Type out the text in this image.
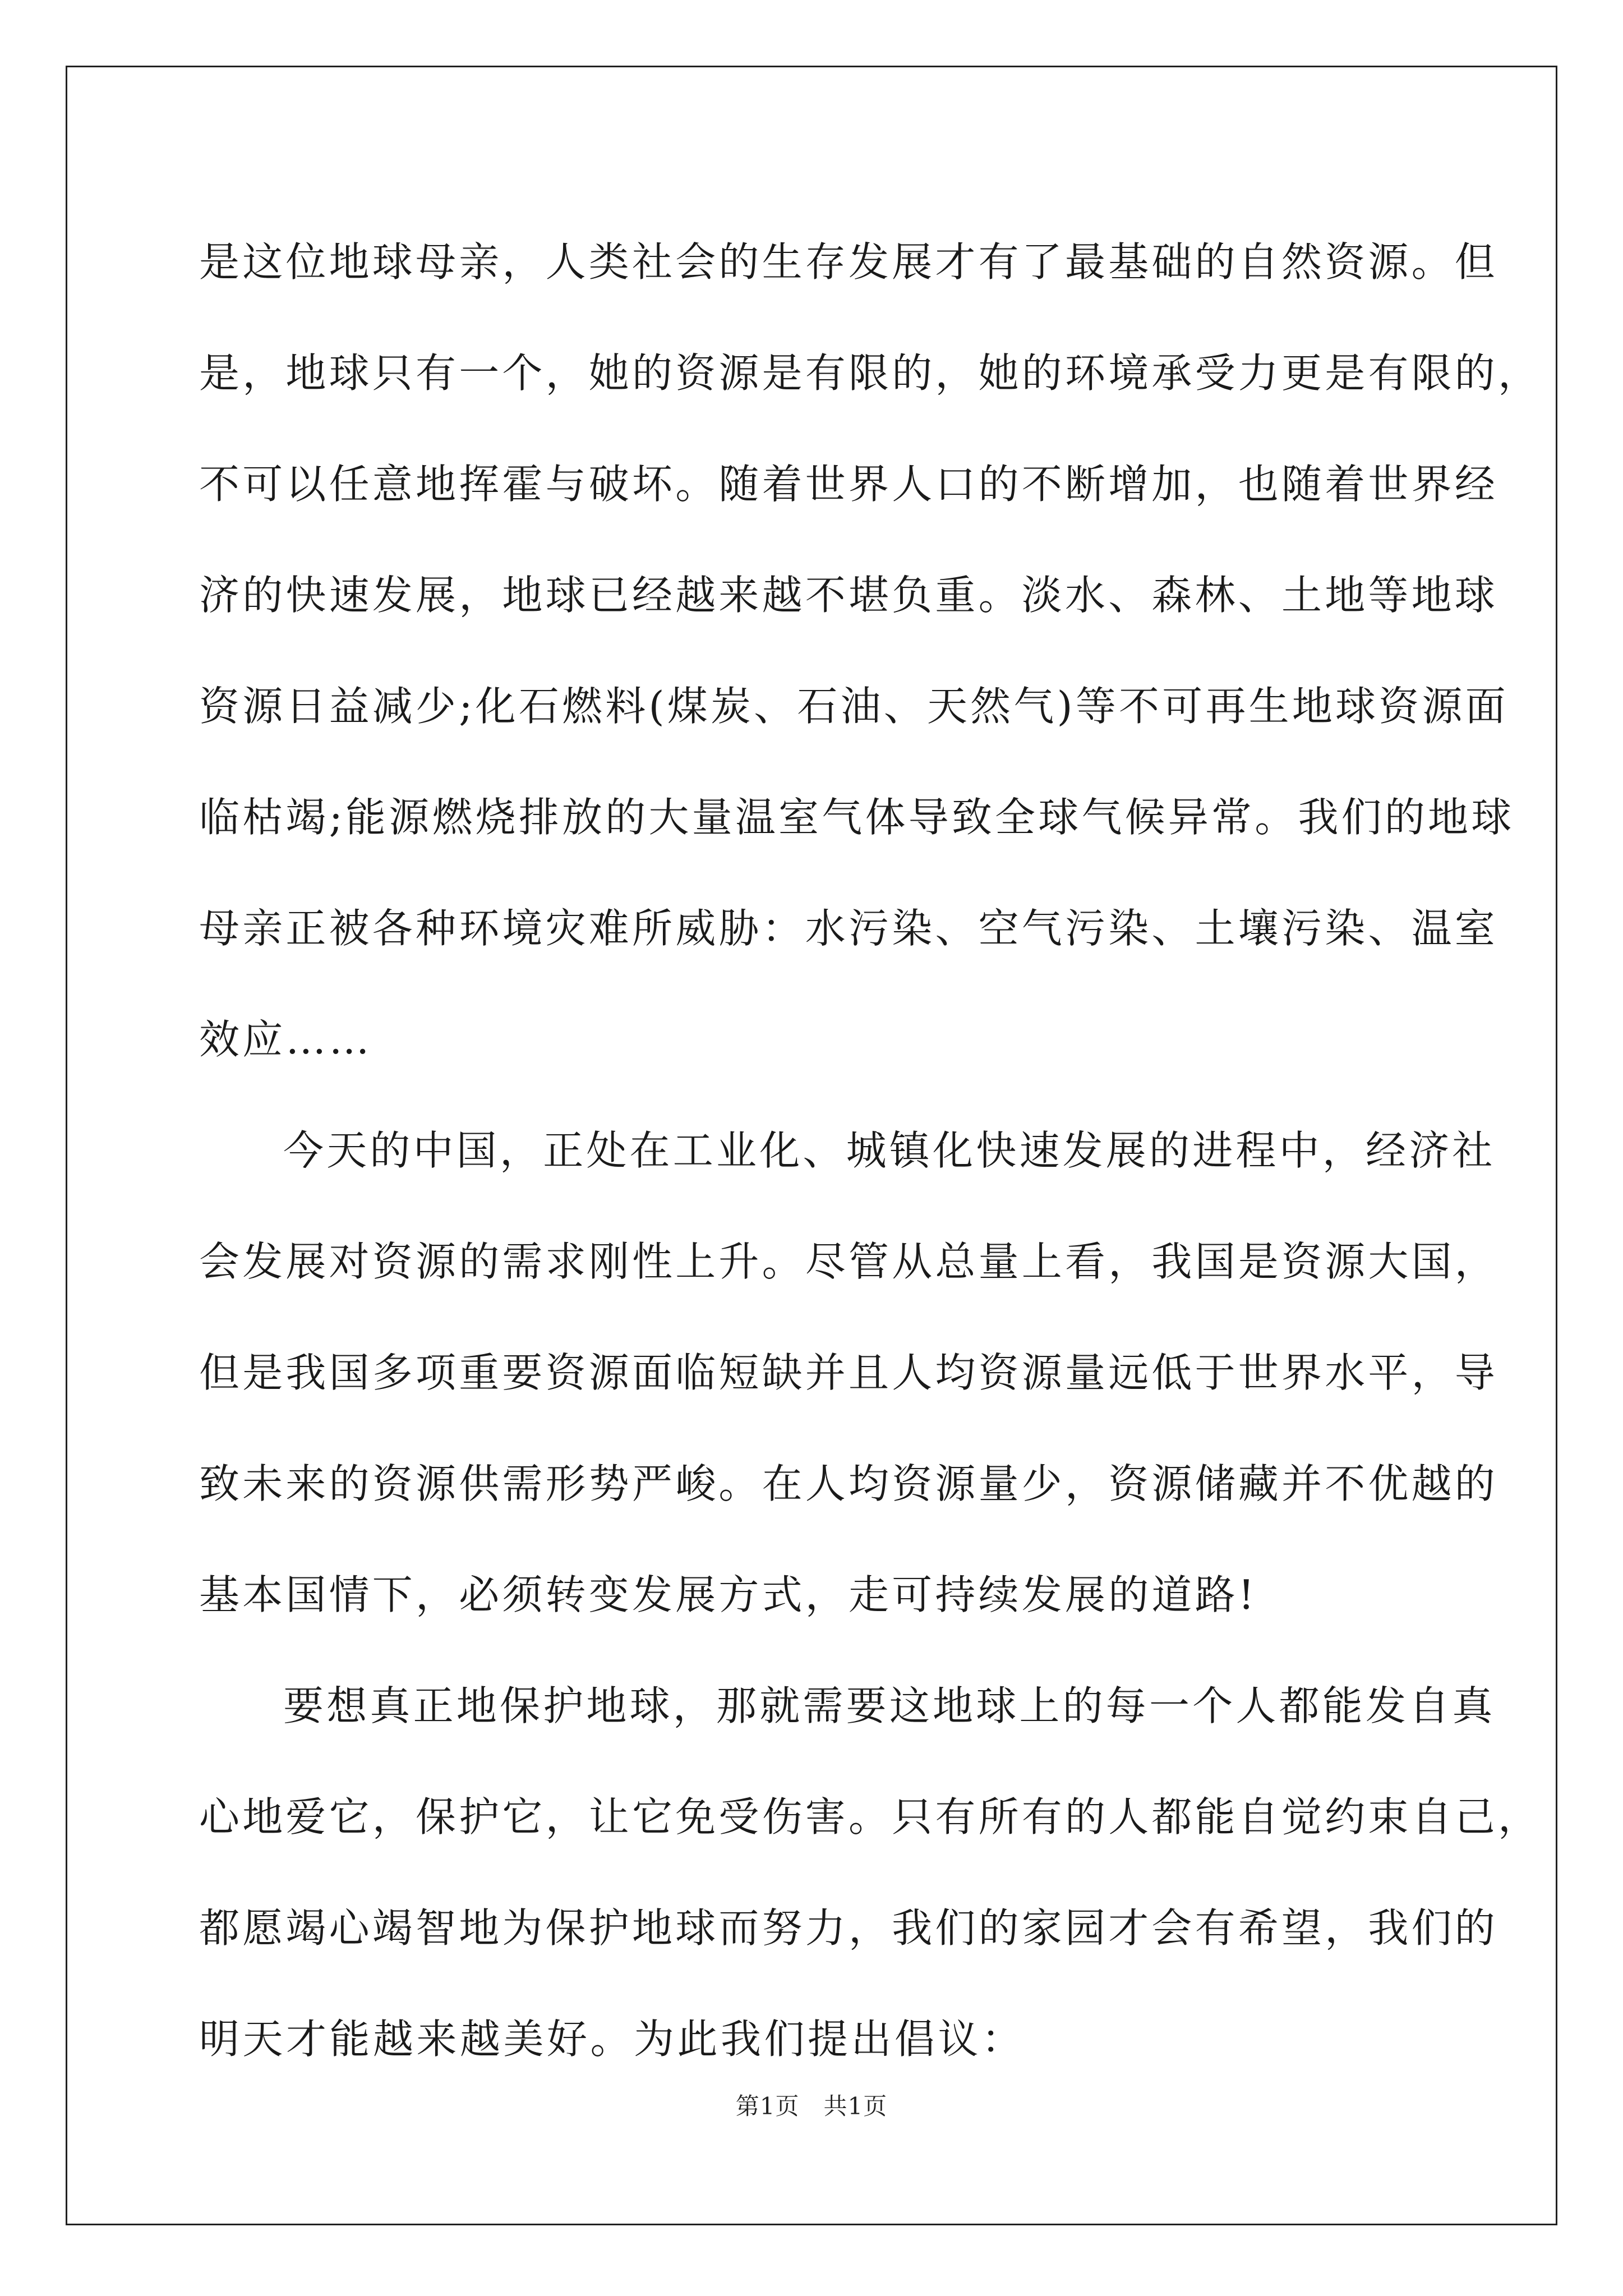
是这位地球母亲，人类社会的生存发展才有了最基础的自然资源。但
是，地球只有一个，她的资源是有限的，她的环境承受力更是有限的，
不可以任意地挥霍与破坏。随着世界人口的不断增加，也随着世界经
济的快速发展，地球已经越来越不堪负重。淡水、森林、土地等地球
资源日益减少;化石燃料(煤炭、石油、天然气)等不可再生地球资源面
临枯竭;能源燃烧排放的大量温室气体导致全球气候异常。我们的地球
母亲正被各种环境灾难所威胁：水污染、空气污染、土壤污染、温室
效应……
今天的中国，正处在工业化、城镇化快速发展的进程中，经济社
会发展对资源的需求刚性上升。尽管从总量上看，我国是资源大国，
但是我国多项重要资源面临短缺并且人均资源量远低于世界水平，导
致未来的资源供需形势严峻。在人均资源量少，资源储藏并不优越的
基本国情下，必须转变发展方式，走可持续发展的道路!
要想真正地保护地球，那就需要这地球上的每一个人都能发自真
心地爱它，保护它，让它免受伤害。只有所有的人都能自觉约束自己，
都愿竭心竭智地为保护地球而努力，我们的家园才会有希望，我们的
明天才能越来越美好。为此我们提出倡议：
第1页　共1页
